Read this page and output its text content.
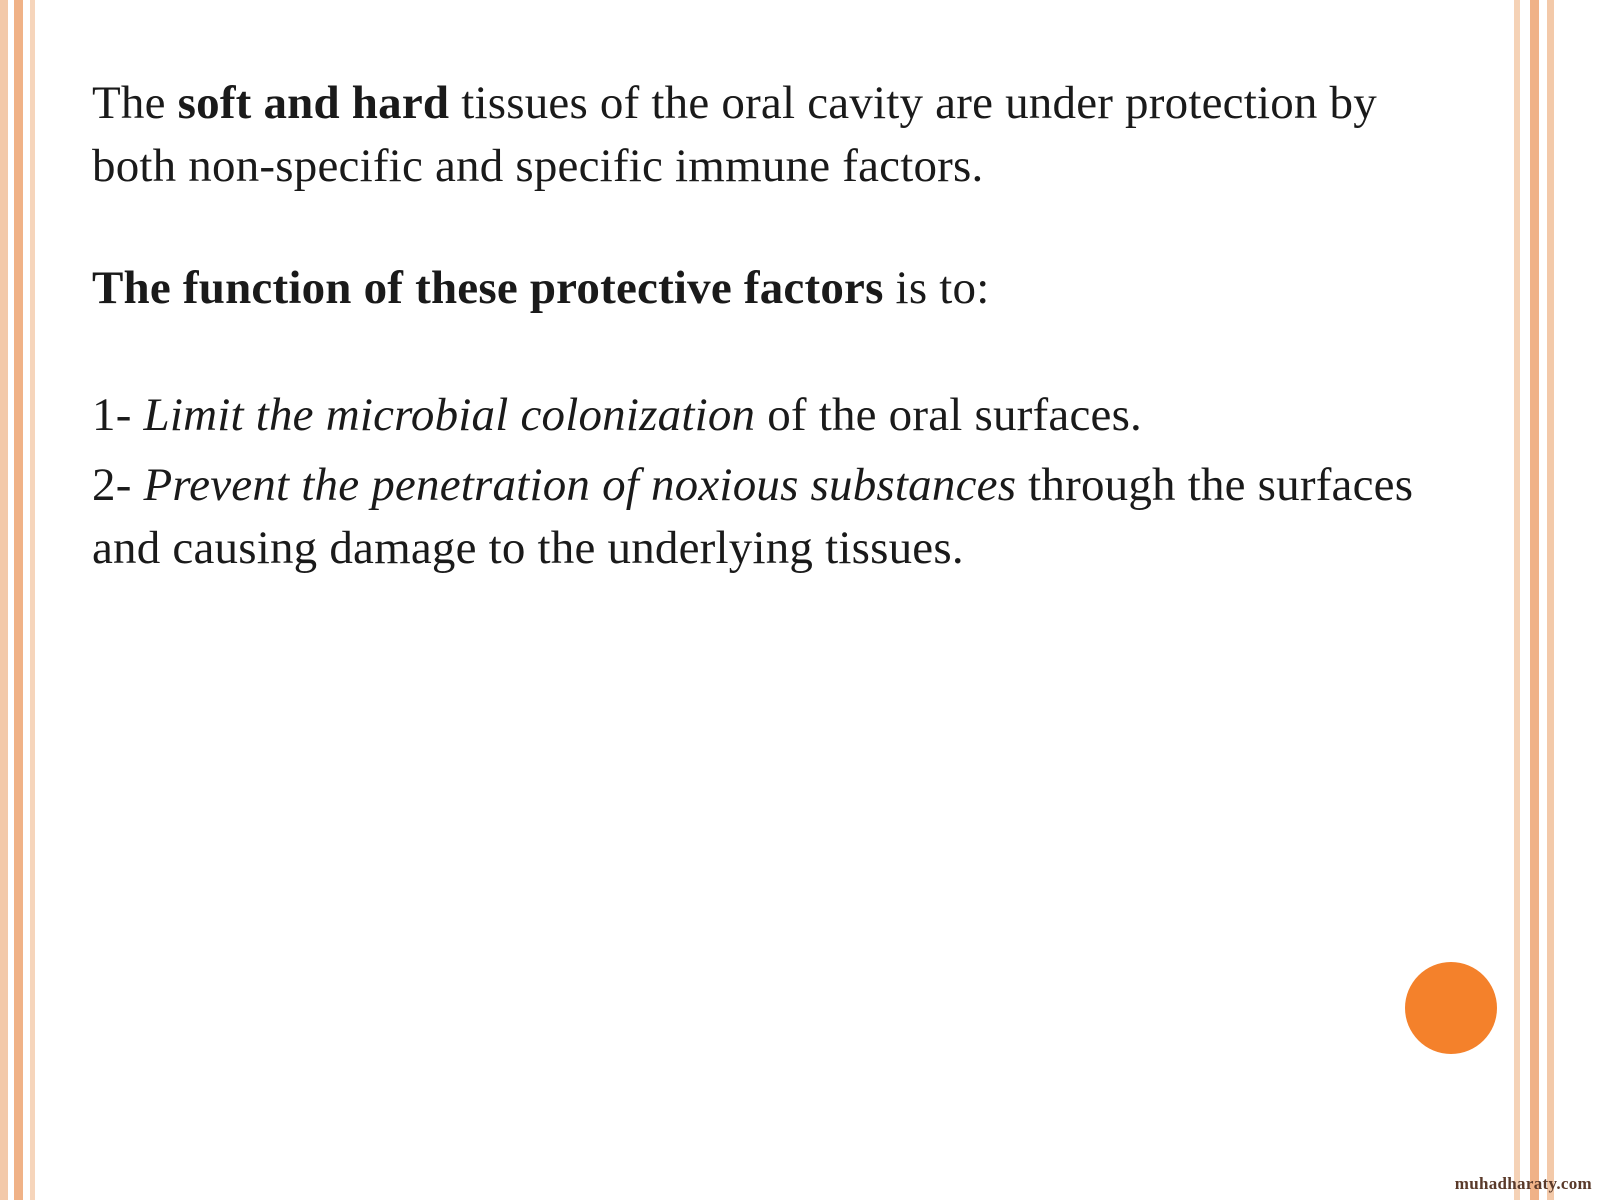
The soft and hard tissues of the oral cavity are under protection by both non-specific and specific immune factors.

The function of these protective factors is to:

1- Limit the microbial colonization of the oral surfaces.

2- Prevent the penetration of noxious substances through the surfaces and causing damage to the underlying tissues.

muhadharaty.com
